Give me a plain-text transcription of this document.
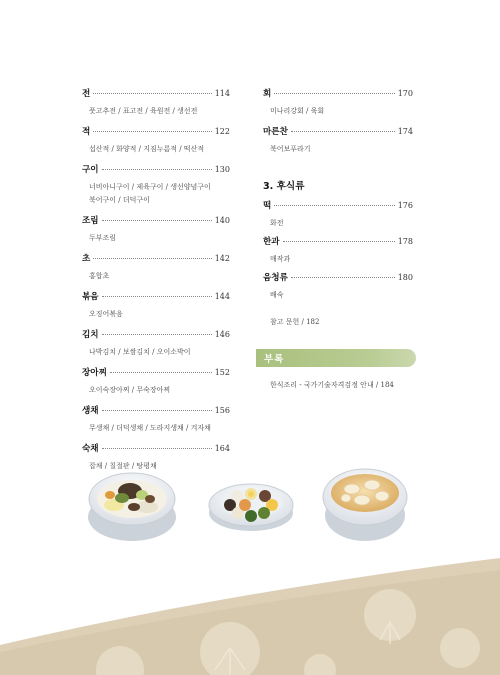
전	114
풋고추전 / 표고전 / 육원전 / 생선전
적	122
섭산적 / 화양적 / 지짐누름적 / 떡산적
구이	130
너비아니구이 / 제육구이 / 생선양념구이
북어구이 / 더덕구이
조림	140
두부조림
초	142
홍합초
볶음	144
오징어볶음
김치	146
나박김치 / 보쌈김치 / 오이소박이
장아찌	152
오이숙장아찌 / 무숙장아찌
생채	156
무생채 / 더덕생채 / 도라지생채 / 겨자채
숙채	164
잡채 / 칠절판 / 탕평채
회	170
미나리강회 / 육회
마른찬	174
북어보푸라기
3. 후식류
떡	176
화전
한과	178
매작과
음청류	180
배숙
참고 문헌 / 182
부록
한식조리 - 국가기술자격검정 안내 / 184
